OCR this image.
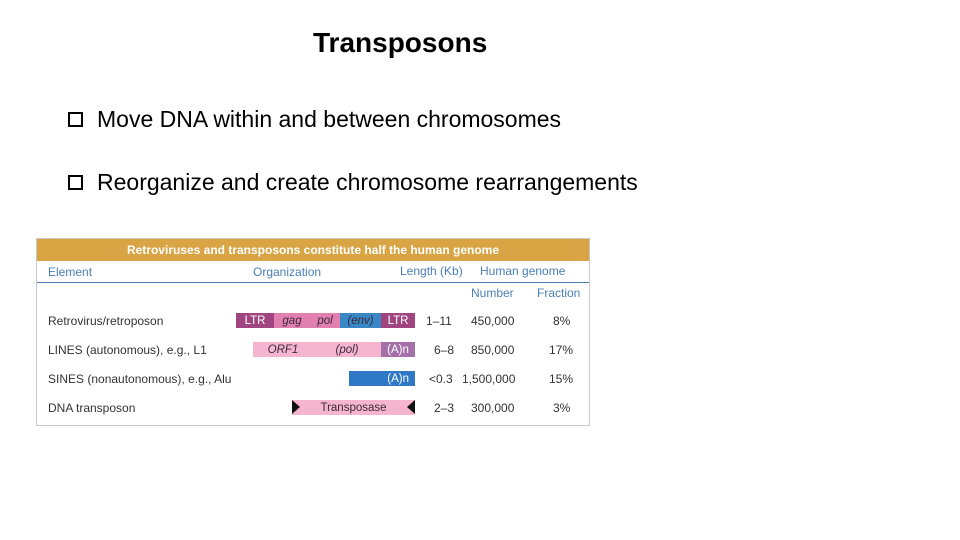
Transposons
Move DNA within and between chromosomes
Reorganize and create chromosome rearrangements
Retroviruses and transposons constitute half the human genome
Element	Organization	Length (Kb) Human genome
Number Fraction
Retrovirus/retroposon	LTR	gag	pol	(env)	LTR	1–11 450,000	8%
LINES (autonomous), e.g., L1	ORF1	(pol)	(A)n	6–8 850,000	17%
SINES (nonautonomous), e.g., Alu	(A)n	<0.3 1,500,000	15%
DNA transposon	Transposase	2–3 300,000	3%
